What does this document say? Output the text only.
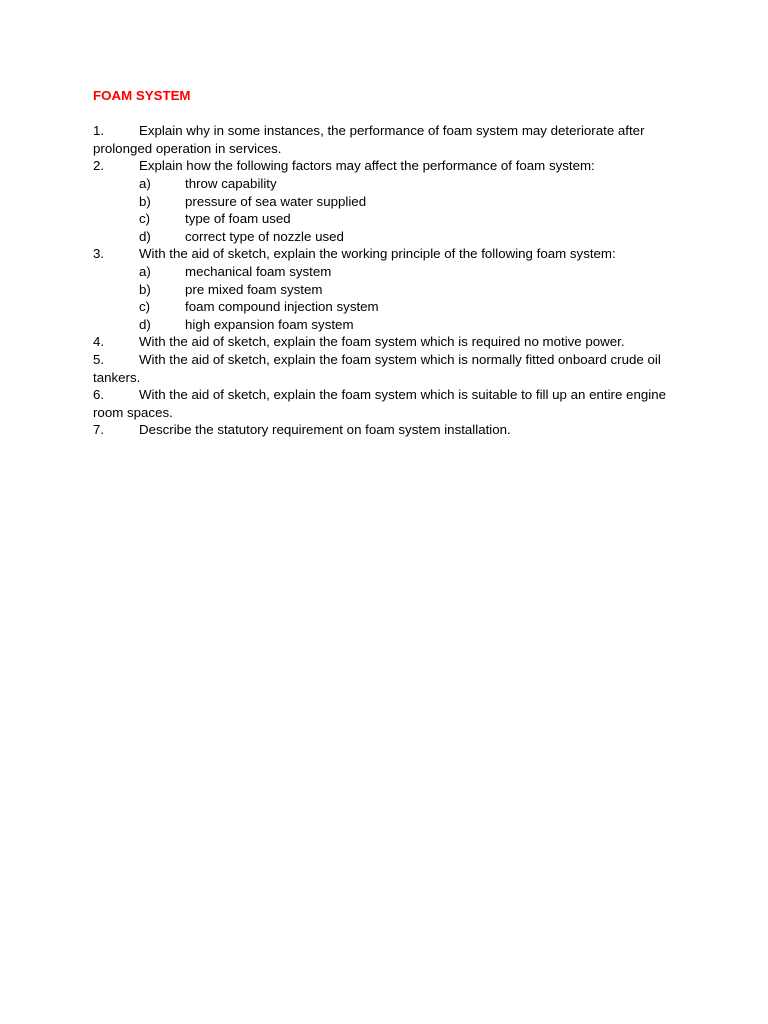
FOAM SYSTEM
1.	Explain why in some instances, the performance of foam system may deteriorate after prolonged operation in services.
2.	Explain how the following factors may affect the performance of foam system:
a)	throw capability
b)	pressure of sea water supplied
c)	type of foam used
d)	correct type of nozzle used
3.	With the aid of sketch, explain the working principle of the following foam system:
a)	mechanical foam system
b)	pre mixed foam system
c)	foam compound injection system
d)	high expansion foam system
4.	With the aid of sketch, explain the foam system which is required no motive power.
5.	With the aid of sketch, explain the foam system which is normally fitted onboard crude oil tankers.
6.	With the aid of sketch, explain the foam system which is suitable to fill up an entire engine room spaces.
7.	Describe the statutory requirement on foam system installation.
